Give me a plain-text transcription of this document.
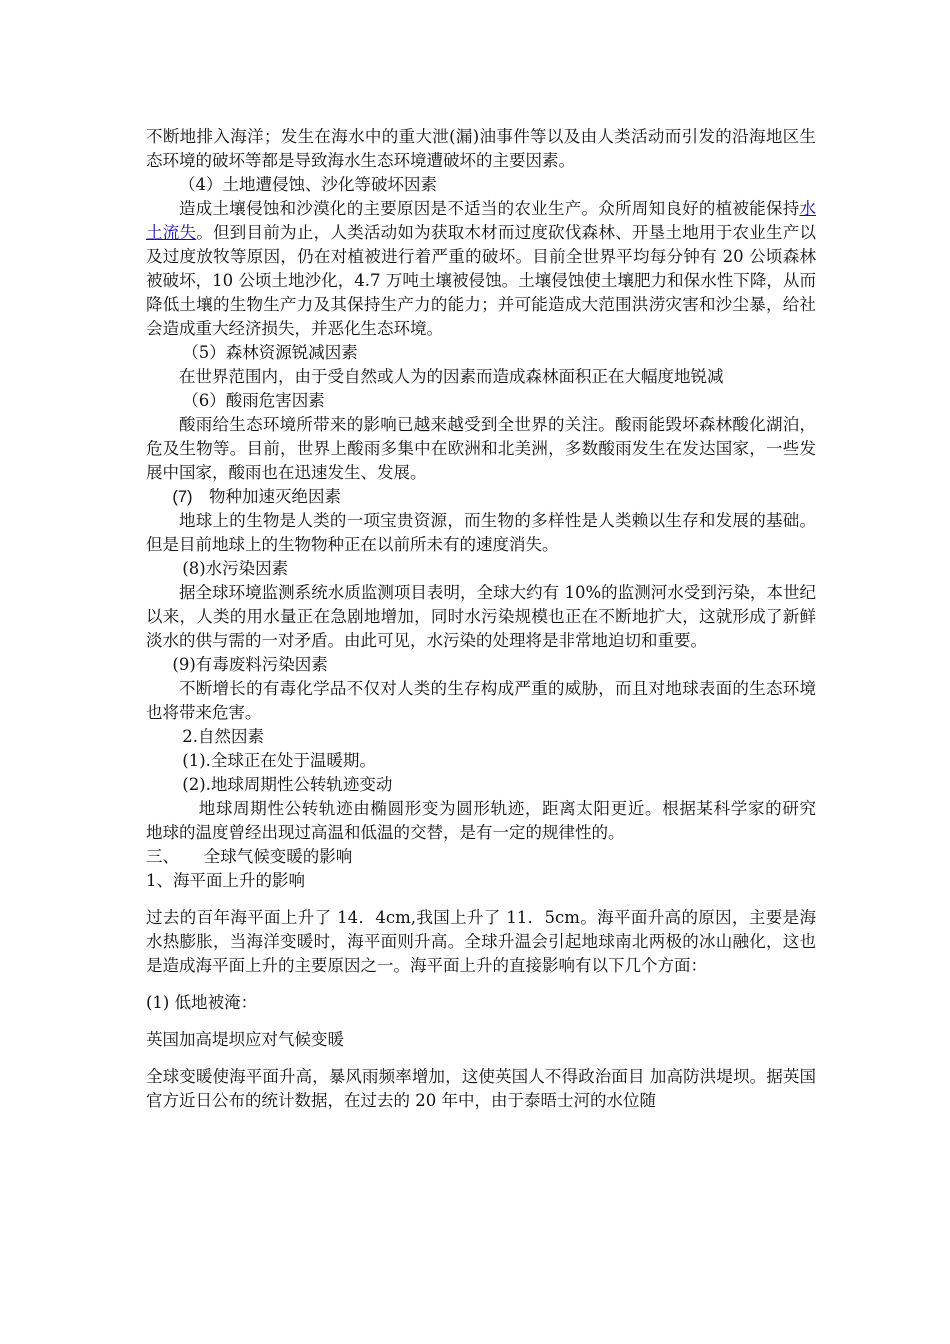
不断地排入海洋；发生在海水中的重大泄(漏)油事件等以及由人类活动而引发的沿海地区生态环境的破坏等都是导致海水生态环境遭破坏的主要因素。

（4）土地遭侵蚀、沙化等破坏因素

造成土壤侵蚀和沙漠化的主要原因是不适当的农业生产。众所周知良好的植被能保持水土流失。但到目前为止，人类活动如为获取木材而过度砍伐森林、开垦土地用于农业生产以及过度放牧等原因，仍在对植被进行着严重的破坏。目前全世界平均每分钟有 20 公顷森林被破坏，10 公顷土地沙化，4.7 万吨土壤被侵蚀。土壤侵蚀使土壤肥力和保水性下降，从而降低土壤的生物生产力及其保持生产力的能力；并可能造成大范围洪涝灾害和沙尘暴，给社会造成重大经济损失，并恶化生态环境。

（5）森林资源锐减因素

在世界范围内，由于受自然或人为的因素而造成森林面积正在大幅度地锐减

（6）酸雨危害因素

酸雨给生态环境所带来的影响已越来越受到全世界的关注。酸雨能毁坏森林酸化湖泊，危及生物等。目前，世界上酸雨多集中在欧洲和北美洲，多数酸雨发生在发达国家，一些发展中国家，酸雨也在迅速发生、发展。

(7)　物种加速灭绝因素

地球上的生物是人类的一项宝贵资源，而生物的多样性是人类赖以生存和发展的基础。但是目前地球上的生物物种正在以前所未有的速度消失。

(8)水污染因素

据全球环境监测系统水质监测项目表明，全球大约有 10%的监测河水受到污染，本世纪以来，人类的用水量正在急剧地增加，同时水污染规模也正在不断地扩大，这就形成了新鲜淡水的供与需的一对矛盾。由此可见，水污染的处理将是非常地迫切和重要。

(9)有毒废料污染因素

不断增长的有毒化学品不仅对人类的生存构成严重的威胁，而且对地球表面的生态环境也将带来危害。

2.自然因素

(1).全球正在处于温暖期。

(2).地球周期性公转轨迹变动

地球周期性公转轨迹由椭圆形变为圆形轨迹，距离太阳更近。根据某科学家的研究　　地球的温度曾经出现过高温和低温的交替，是有一定的规律性的。

三、　　全球气候变暖的影响

1、海平面上升的影响

过去的百年海平面上升了 14．4cm,我国上升了 11．5cm。海平面升高的原因，主要是海水热膨胀，当海洋变暖时，海平面则升高。全球升温会引起地球南北两极的冰山融化，这也是造成海平面上升的主要原因之一。海平面上升的直接影响有以下几个方面：

(1) 低地被淹：

英国加高堤坝应对气候变暖

全球变暖使海平面升高，暴风雨频率增加，这使英国人不得政治面目 加高防洪堤坝。据英国官方近日公布的统计数据，在过去的 20 年中，由于泰晤士河的水位随
